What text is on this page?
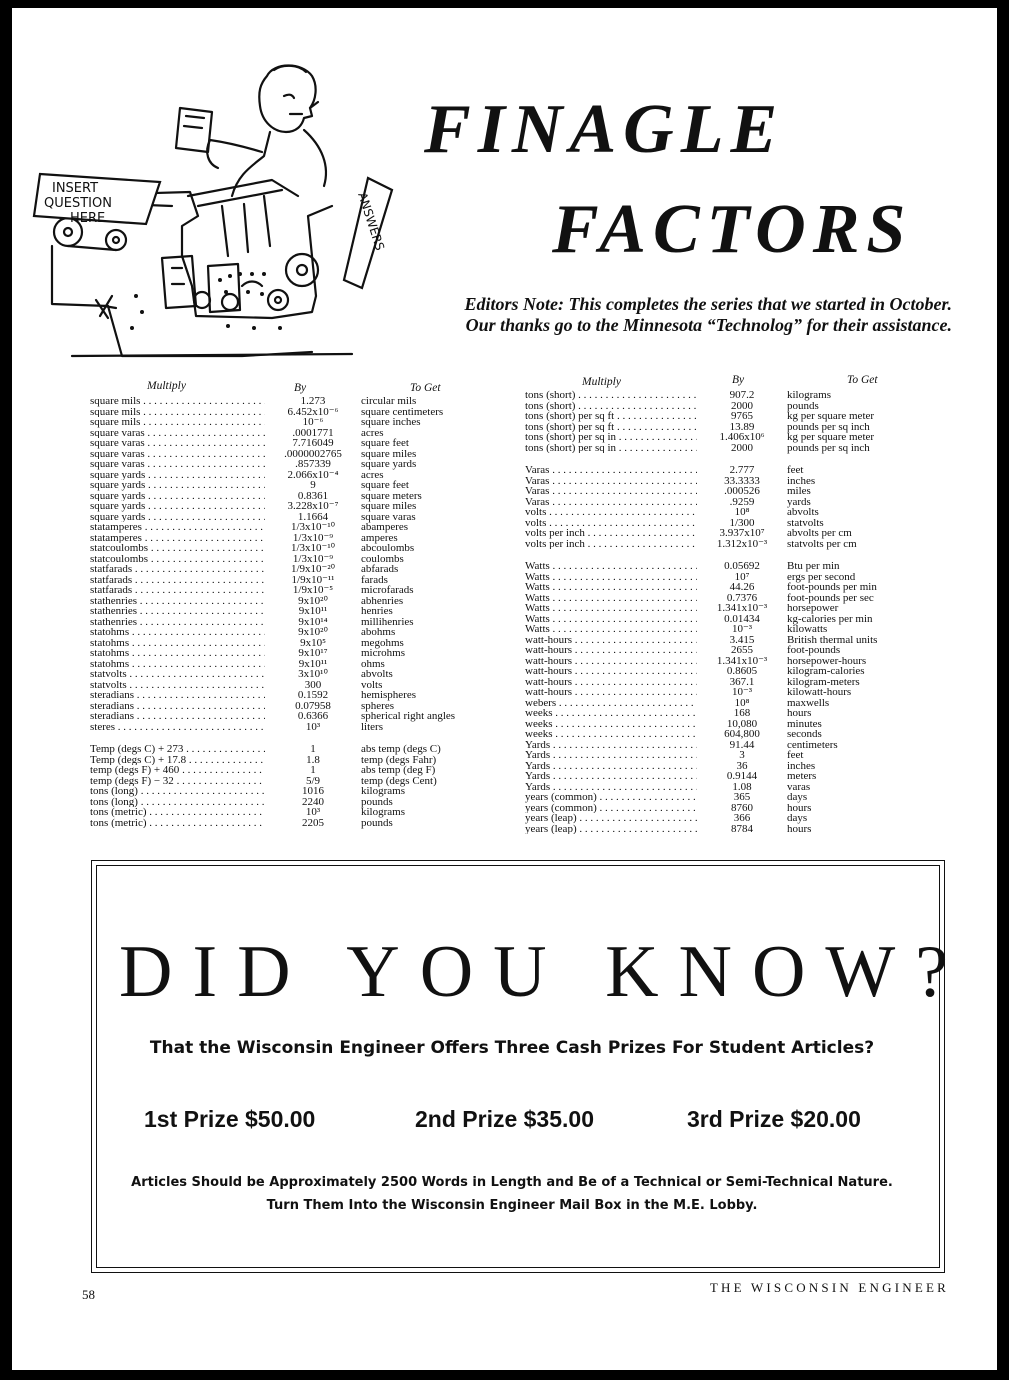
INSERT
QUESTION
HERE	ANSWERS
FINAGLE
FACTORS
Editors Note: This completes the series that we started in October.
Our thanks go to the Minnesota “Technolog” for their assistance.
Multiply	By	To Get
square mils . . .	1.273	circular mils
square mils . . .	6.452x10⁻⁶	square centimeters
square mils . . .	10⁻⁶	square inches
square varas . . .	.0001771	acres
square varas . . .	7.716049	square feet
square varas . . .	.0000002765	square miles
square varas . . .	.857339	square yards
square yards . . .	2.066x10⁻⁴	acres
square yards . . .	9	square feet
square yards . . .	0.8361	square meters
square yards . . .	3.228x10⁻⁷	square miles
square yards . . .	1.1664	square varas
statamperes . . .	1/3x10⁻¹⁰	abamperes
statamperes . . .	1/3x10⁻⁹	amperes
statcoulombs . . .	1/3x10⁻¹⁰	abcoulombs
statcoulombs . . .	1/3x10⁻⁹	coulombs
statfarads . . .	1/9x10⁻²⁰	abfarads
statfarads . . .	1/9x10⁻¹¹	farads
statfarads . . .	1/9x10⁻⁵	microfarads
stathenries . . .	9x10²⁰	abhenries
stathenries . . .	9x10¹¹	henries
stathenries . . .	9x10¹⁴	millihenries
statohms . . .	9x10²⁰	abohms
statohms . . .	9x10⁵	megohms
statohms . . .	9x10¹⁷	microhms
statohms . . .	9x10¹¹	ohms
statvolts . . .	3x10¹⁰	abvolts
statvolts . . .	300	volts
steradians . . .	0.1592	hemispheres
steradians . . .	0.07958	spheres
steradians . . .	0.6366	spherical right angles
steres . . .	10³	liters
Temp (degs C) + 273 . . .	1	abs temp (degs C)
Temp (degs C) + 17.8 . . .	1.8	temp (degs Fahr)
temp (degs F) + 460 . . .	1	abs temp (deg F)
temp (degs F) − 32 . . .	5/9	temp (degs Cent)
tons (long) . . .	1016	kilograms
tons (long) . . .	2240	pounds
tons (metric) . . .	10³	kilograms
tons (metric) . . .	2205	pounds
Multiply	By	To Get
tons (short) . . .	907.2	kilograms
tons (short) . . .	2000	pounds
tons (short) per sq ft . . .	9765	kg per square meter
tons (short) per sq ft . . .	13.89	pounds per sq inch
tons (short) per sq in . . .	1.406x10⁶	kg per square meter
tons (short) per sq in . . .	2000	pounds per sq inch
Varas . . .	2.777	feet
Varas . . .	33.3333	inches
Varas . . .	.000526	miles
Varas . . .	.9259	yards
volts . . .	10⁸	abvolts
volts . . .	1/300	statvolts
volts per inch . . .	3.937x10⁷	abvolts per cm
volts per inch . . .	1.312x10⁻³	statvolts per cm
Watts . . .	0.05692	Btu per min
Watts . . .	10⁷	ergs per second
Watts . . .	44.26	foot-pounds per min
Watts . . .	0.7376	foot-pounds per sec
Watts . . .	1.341x10⁻³	horsepower
Watts . . .	0.01434	kg-calories per min
Watts . . .	10⁻³	kilowatts
watt-hours . . .	3.415	British thermal units
watt-hours . . .	2655	foot-pounds
watt-hours . . .	1.341x10⁻³	horsepower-hours
watt-hours . . .	0.8605	kilogram-calories
watt-hours . . .	367.1	kilogram-meters
watt-hours . . .	10⁻³	kilowatt-hours
webers . . .	10⁸	maxwells
weeks . . .	168	hours
weeks . . .	10,080	minutes
weeks . . .	604,800	seconds
Yards . . .	91.44	centimeters
Yards . . .	3	feet
Yards . . .	36	inches
Yards . . .	0.9144	meters
Yards . . .	1.08	varas
years (common) . . .	365	days
years (common) . . .	8760	hours
years (leap) . . .	366	days
years (leap) . . .	8784	hours
DID YOU KNOW?
That the Wisconsin Engineer Offers Three Cash Prizes For Student Articles?
1st Prize $50.00	2nd Prize $35.00	3rd Prize $20.00
Articles Should be Approximately 2500 Words in Length and Be of a Technical or Semi-Technical Nature.
Turn Them Into the Wisconsin Engineer Mail Box in the M.E. Lobby.
58	THE WISCONSIN ENGINEER
